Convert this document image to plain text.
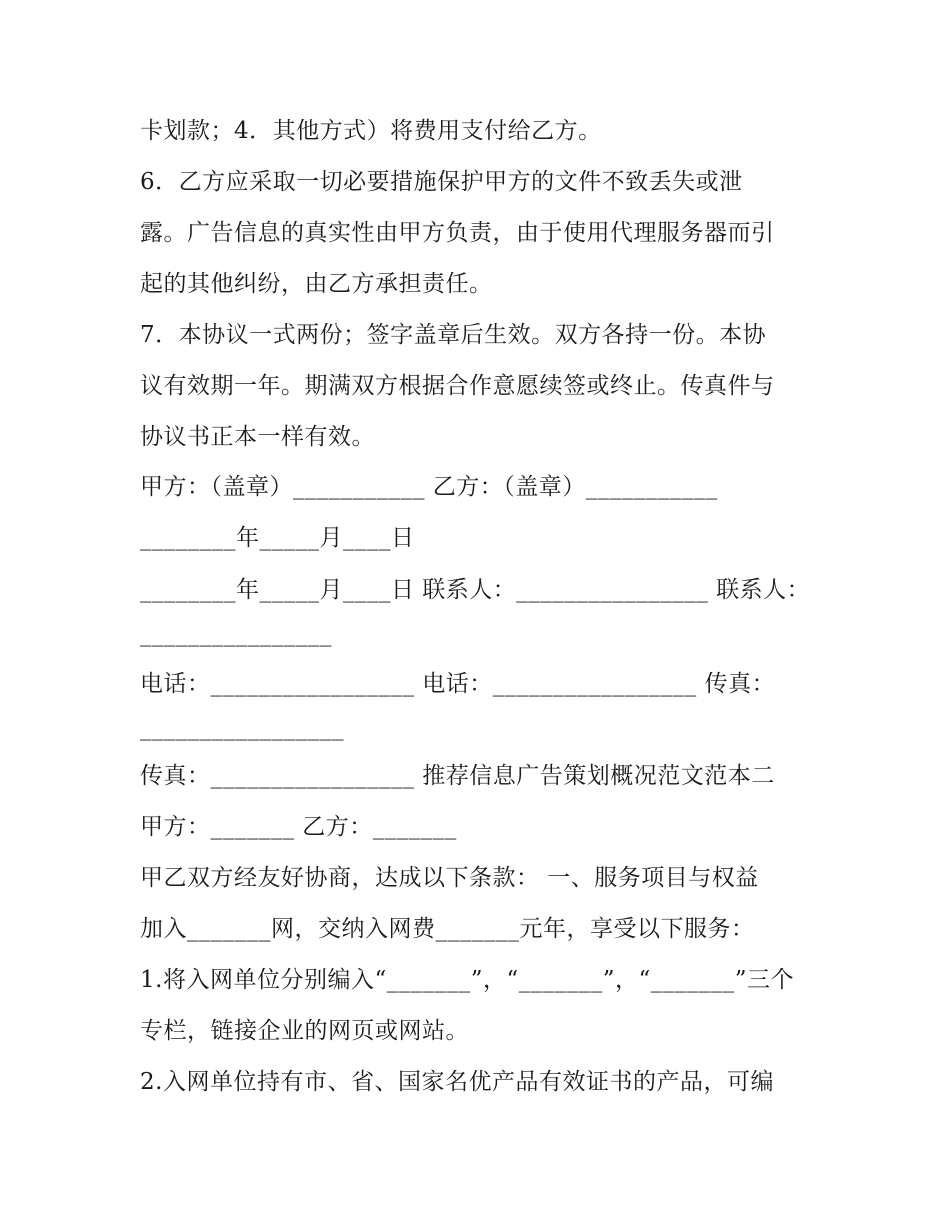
卡划款；4．其他方式）将费用支付给乙方。
6．乙方应采取一切必要措施保护甲方的文件不致丢失或泄
露。广告信息的真实性由甲方负责，由于使用代理服务器而引
起的其他纠纷，由乙方承担责任。
7．本协议一式两份；签字盖章后生效。双方各持一份。本协
议有效期一年。期满双方根据合作意愿续签或终止。传真件与
协议书正本一样有效。
甲方：（盖章）___________ 乙方：（盖章）___________
________年_____月____日
________年_____月____日 联系人：________________ 联系人：
________________
电话：_________________ 电话：_________________ 传真：
_________________
传真：_________________ 推荐信息广告策划概况范文范本二
甲方：_______ 乙方：_______
甲乙双方经友好协商，达成以下条款： 一、服务项目与权益
加入_______网，交纳入网费_______元年，享受以下服务：
1.将入网单位分别编入“_______”，“_______”，“_______”三个
专栏，链接企业的网页或网站。
2.入网单位持有市、省、国家名优产品有效证书的产品，可编
